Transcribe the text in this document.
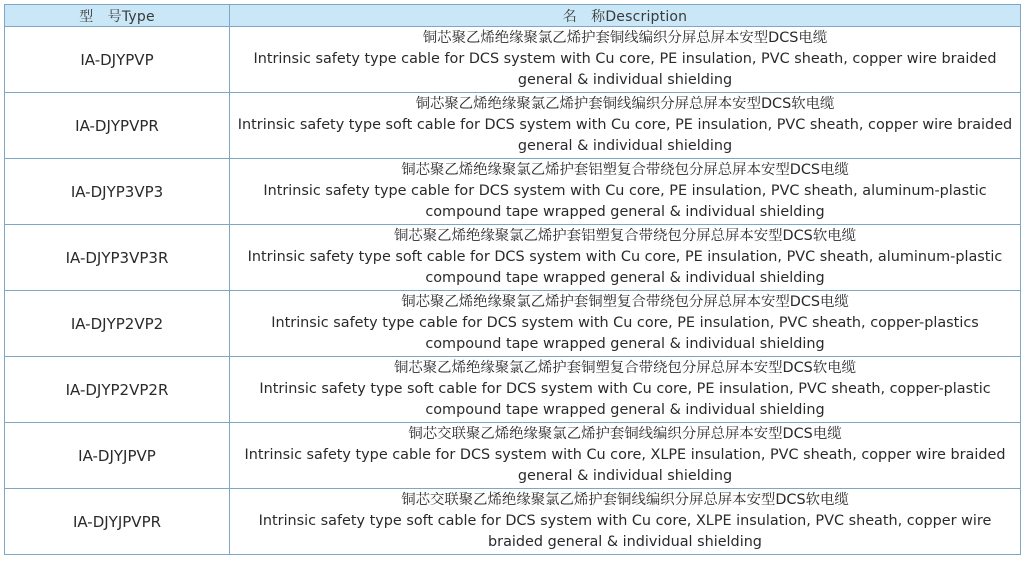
型　号Type	名　称Description
IA-DJYPVP	铜芯聚乙烯绝缘聚氯乙烯护套铜线编织分屏总屏本安型DCS电缆
Intrinsic safety type cable for DCS system with Cu core, PE insulation, PVC sheath, copper wire braided general & individual shielding

IA-DJYPVPR	铜芯聚乙烯绝缘聚氯乙烯护套铜线编织分屏总屏本安型DCS软电缆
Intrinsic safety type soft cable for DCS system with Cu core, PE insulation, PVC sheath, copper wire braided general & individual shielding

IA-DJYP3VP3	铜芯聚乙烯绝缘聚氯乙烯护套铝塑复合带绕包分屏总屏本安型DCS电缆
Intrinsic safety type cable for DCS system with Cu core, PE insulation, PVC sheath, aluminum-plastic compound tape wrapped general & individual shielding

IA-DJYP3VP3R	铜芯聚乙烯绝缘聚氯乙烯护套铝塑复合带绕包分屏总屏本安型DCS软电缆
Intrinsic safety type soft cable for DCS system with Cu core, PE insulation, PVC sheath, aluminum-plastic compound tape wrapped general & individual shielding

IA-DJYP2VP2	铜芯聚乙烯绝缘聚氯乙烯护套铜塑复合带绕包分屏总屏本安型DCS电缆
Intrinsic safety type cable for DCS system with Cu core, PE insulation, PVC sheath, copper-plastics compound tape wrapped general & individual shielding

IA-DJYP2VP2R	铜芯聚乙烯绝缘聚氯乙烯护套铜塑复合带绕包分屏总屏本安型DCS软电缆
Intrinsic safety type soft cable for DCS system with Cu core, PE insulation, PVC sheath, copper-plastic compound tape wrapped general & individual shielding

IA-DJYJPVP	铜芯交联聚乙烯绝缘聚氯乙烯护套铜线编织分屏总屏本安型DCS电缆
Intrinsic safety type cable for DCS system with Cu core, XLPE insulation, PVC sheath, copper wire braided general & individual shielding

IA-DJYJPVPR	铜芯交联聚乙烯绝缘聚氯乙烯护套铜线编织分屏总屏本安型DCS软电缆
Intrinsic safety type soft cable for DCS system with Cu core, XLPE insulation, PVC sheath, copper wire braided general & individual shielding
